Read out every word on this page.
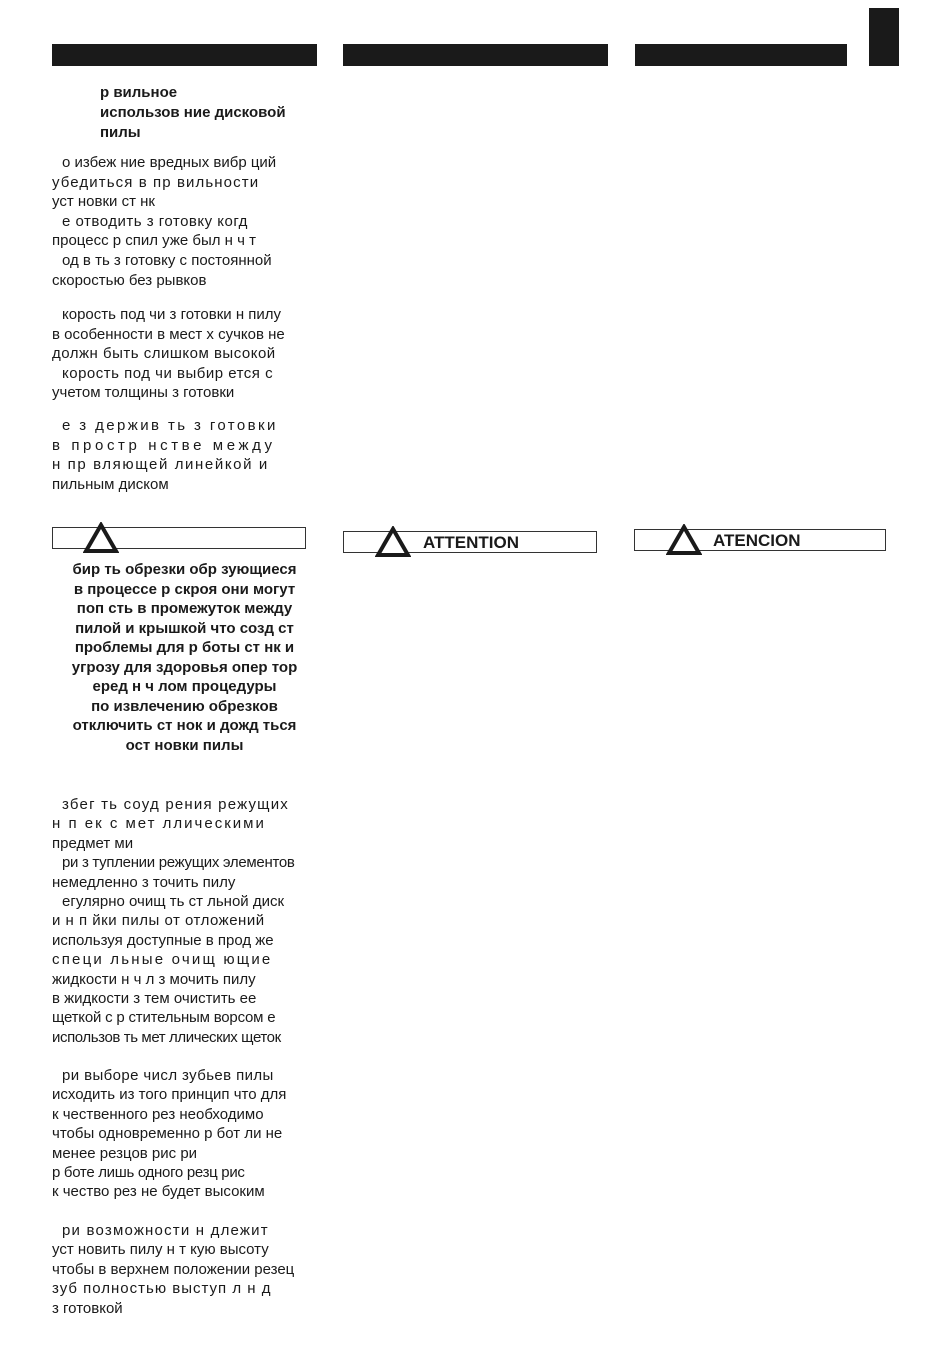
р вильное
использов ние дисковой
пилы

о избеж ние вредных вибр ций
убедиться в пр вильности
уст новки ст нк
е отводить з готовку когд
процесс р спил уже был н ч т
од в ть з готовку с постоянной
скоростью без рывков

корость под чи з готовки н пилу
в особенности в мест х сучков не
должн быть слишком высокой
корость под чи выбир ется с
учетом толщины з готовки

е з держив ть з готовки
в простр нстве между
н пр вляющей линейкой и
пильным диском

бир ть обрезки обр зующиеся
в процессе р скроя они могут
поп сть в промежуток между
пилой и крышкой что созд ст
проблемы для р боты ст нк и
угрозу для здоровья опер тор
еред н ч лом процедуры
по извлечению обрезков
отключить ст нок и дожд ться
ост новки пилы

збег ть соуд рения режущих
н п ек с мет ллическими
предмет ми
ри з туплении режущих элементов
немедленно з точить пилу
егулярно очищ ть ст льной диск
и н п йки пилы от отложений
используя доступные в прод же
специ льные очищ ющие
жидкости н ч л з мочить пилу
в жидкости з тем очистить ее
щеткой с р стительным ворсом е
использов ть мет ллических щеток

ри выборе числ зубьев пилы
исходить из того принцип что для
к чественного рез необходимо
чтобы одновременно р бот ли не
менее резцов рис ри
р боте лишь одного резц рис
к чество рез не будет высоким

ри возможности н длежит
уст новить пилу н т кую высоту
чтобы в верхнем положении резец
зуб полностью выступ л н д
з готовкой

ATTENTION	ATENCION
